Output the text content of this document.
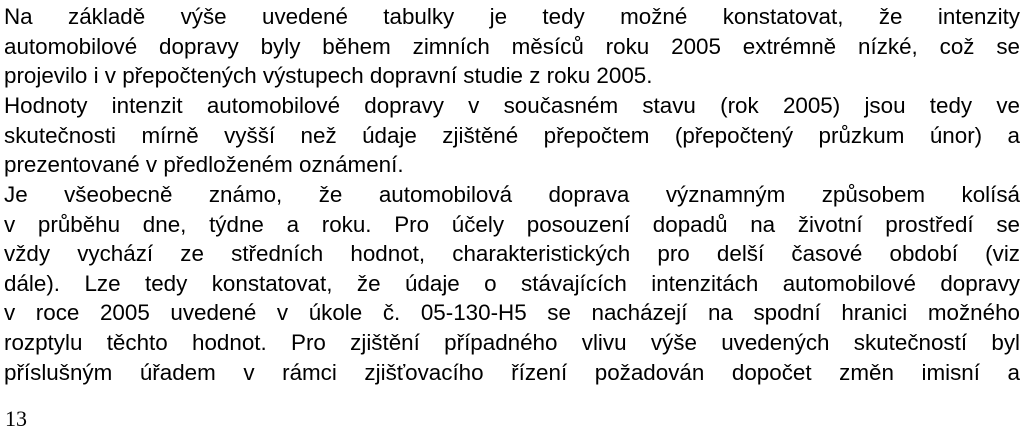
Na základě výše uvedené tabulky je tedy možné konstatovat, že intenzity
automobilové dopravy byly během zimních měsíců roku 2005 extrémně nízké, což se
projevilo i v přepočtených výstupech dopravní studie z roku 2005.
Hodnoty intenzit automobilové dopravy v současném stavu (rok 2005) jsou tedy ve
skutečnosti mírně vyšší než údaje zjištěné přepočtem (přepočtený průzkum únor) a
prezentované v předloženém oznámení.
Je všeobecně známo, že automobilová doprava významným způsobem kolísá
v průběhu dne, týdne a roku. Pro účely posouzení dopadů na životní prostředí se
vždy vychází ze středních hodnot, charakteristických pro delší časové období (viz
dále). Lze tedy konstatovat, že údaje o stávajících intenzitách automobilové dopravy
v roce 2005 uvedené v úkole č. 05-130-H5 se nacházejí na spodní hranici možného
rozptylu těchto hodnot. Pro zjištění případného vlivu výše uvedených skutečností byl
příslušným úřadem v rámci zjišťovacího řízení požadován dopočet změn imisní a
13
